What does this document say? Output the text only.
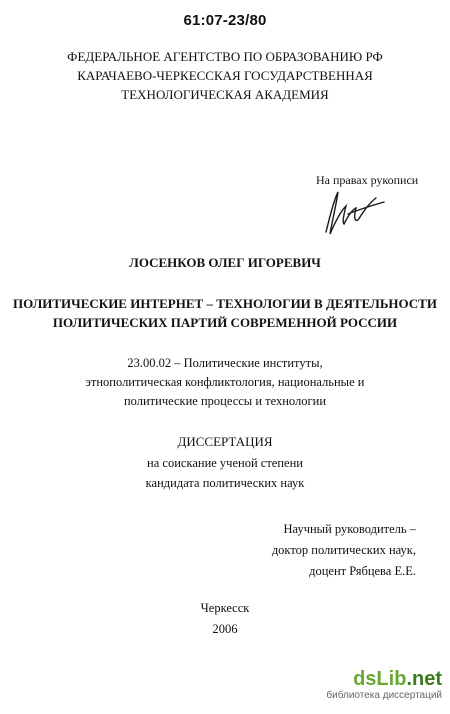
61:07-23/80
ФЕДЕРАЛЬНОЕ АГЕНТСТВО ПО ОБРАЗОВАНИЮ РФ
КАРАЧАЕВО-ЧЕРКЕССКАЯ ГОСУДАРСТВЕННАЯ
ТЕХНОЛОГИЧЕСКАЯ АКАДЕМИЯ
На правах рукописи
ЛОСЕНКОВ ОЛЕГ ИГОРЕВИЧ
ПОЛИТИЧЕСКИЕ ИНТЕРНЕТ – ТЕХНОЛОГИИ В ДЕЯТЕЛЬНОСТИ
ПОЛИТИЧЕСКИХ ПАРТИЙ СОВРЕМЕННОЙ РОССИИ
23.00.02 – Политические институты,
этнополитическая конфликтология, национальные и
политические процессы и технологии
ДИССЕРТАЦИЯ
на соискание ученой степени
кандидата политических наук
Научный руководитель –
доктор политических наук,
доцент Рябцева Е.Е.
Черкесск
2006
dsLib.net
библиотека диссертаций
